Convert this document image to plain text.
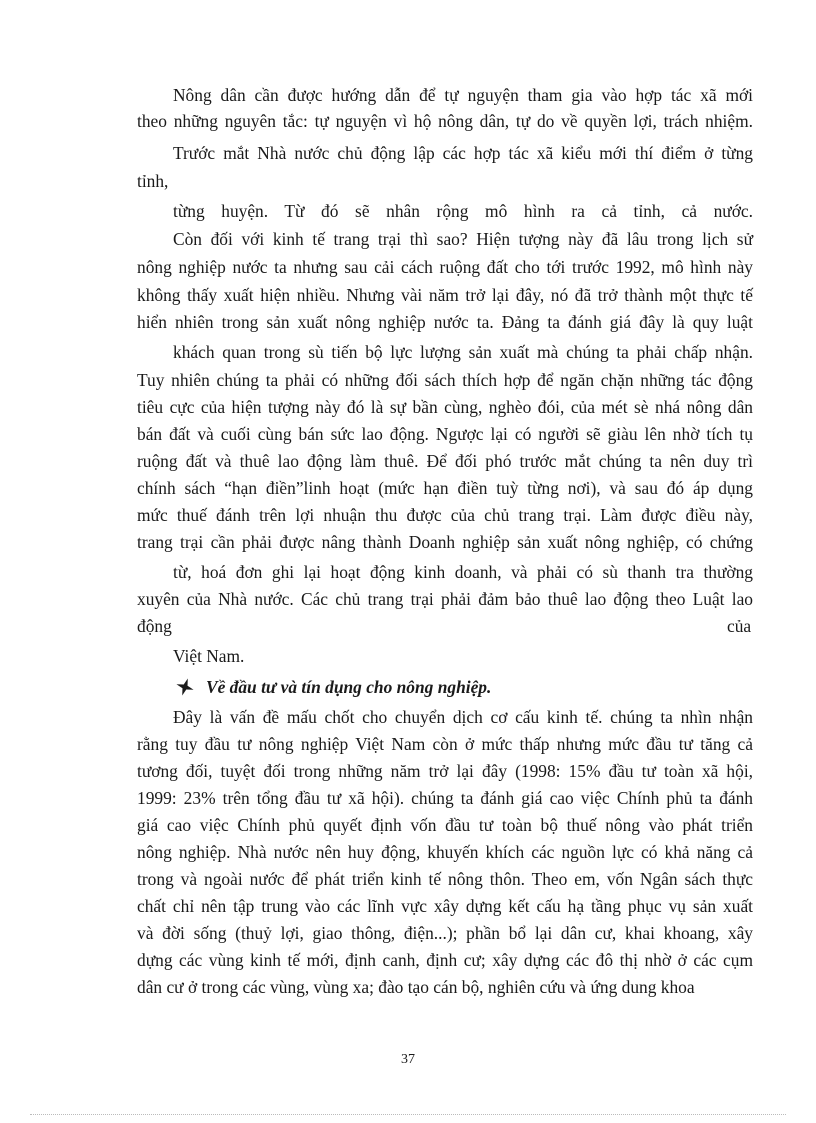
Nông dân cần được hướng dẫn để tự nguyện tham gia vào hợp tác xã mới
theo những nguyên tắc: tự nguyện vì hộ nông dân, tự do về quyền lợi, trách nhiệm.
Trước mắt Nhà nước chủ động lập các hợp tác xã kiểu mới thí điểm ở từng
tỉnh,
từng huyện. Từ đó sẽ nhân rộng mô hình ra cả tỉnh, cả nước.
Còn đối với kinh tế trang trại thì sao? Hiện tượng này đã lâu trong lịch sử
nông nghiệp nước ta nhưng sau cải cách ruộng đất cho tới trước 1992, mô hình này
không thấy xuất hiện nhiều. Nhưng vài năm trở lại đây, nó đã trở thành một thực tế
hiển nhiên trong sản xuất nông nghiệp nước ta. Đảng ta đánh giá đây là quy luật
khách quan trong sù tiến bộ lực lượng sản xuất mà chúng ta phải chấp nhận.
Tuy nhiên chúng ta phải có những đối sách thích hợp để ngăn chặn những tác động
tiêu cực của hiện tượng này đó là sự bần cùng, nghèo đói, của mét sè nhá nông dân
bán đất và cuối cùng bán sức lao động. Ngược lại có người sẽ giàu lên nhờ tích tụ
ruộng đất và thuê lao động làm thuê. Để đối phó trước mắt chúng ta nên duy trì
chính sách “hạn điền”linh hoạt (mức hạn điền tuỳ từng nơi), và sau đó áp dụng
mức thuế đánh trên lợi nhuận thu được của chủ trang trại. Làm được điều này,
trang trại cần phải được nâng thành Doanh nghiệp sản xuất nông nghiệp, có chứng
từ, hoá đơn ghi lại hoạt động kinh doanh, và phải có sù thanh tra thường
xuyên của Nhà nước. Các chủ trang trại phải đảm bảo thuê lao động theo Luật lao
động	của
Việt Nam.
Về đầu tư và tín dụng cho nông nghiệp.
Đây là vấn đề mấu chốt cho chuyển dịch cơ cấu kinh tế. chúng ta nhìn nhận
rằng tuy đầu tư nông nghiệp Việt Nam còn ở mức thấp nhưng mức đầu tư tăng cả
tương đối, tuyệt đối trong những năm trở lại đây (1998: 15% đầu tư toàn xã hội,
1999: 23% trên tổng đầu tư xã hội). chúng ta đánh giá cao việc Chính phủ ta đánh
giá cao việc Chính phủ quyết định vốn đầu tư toàn bộ thuế nông vào phát triển
nông nghiệp. Nhà nước nên huy động, khuyến khích các nguồn lực có khả năng cả
trong và ngoài nước để phát triển kinh tế nông thôn. Theo em, vốn Ngân sách thực
chất chỉ nên tập trung vào các lĩnh vực xây dựng kết cấu hạ tầng phục vụ sản xuất
và đời sống (thuỷ lợi, giao thông, điện...); phần bổ lại dân cư, khai khoang, xây
dựng các vùng kinh tế mới, định canh, định cư; xây dựng các đô thị nhờ ở các cụm
dân cư ở trong các vùng, vùng xa; đào tạo cán bộ, nghiên cứu và ứng dung khoa
37
